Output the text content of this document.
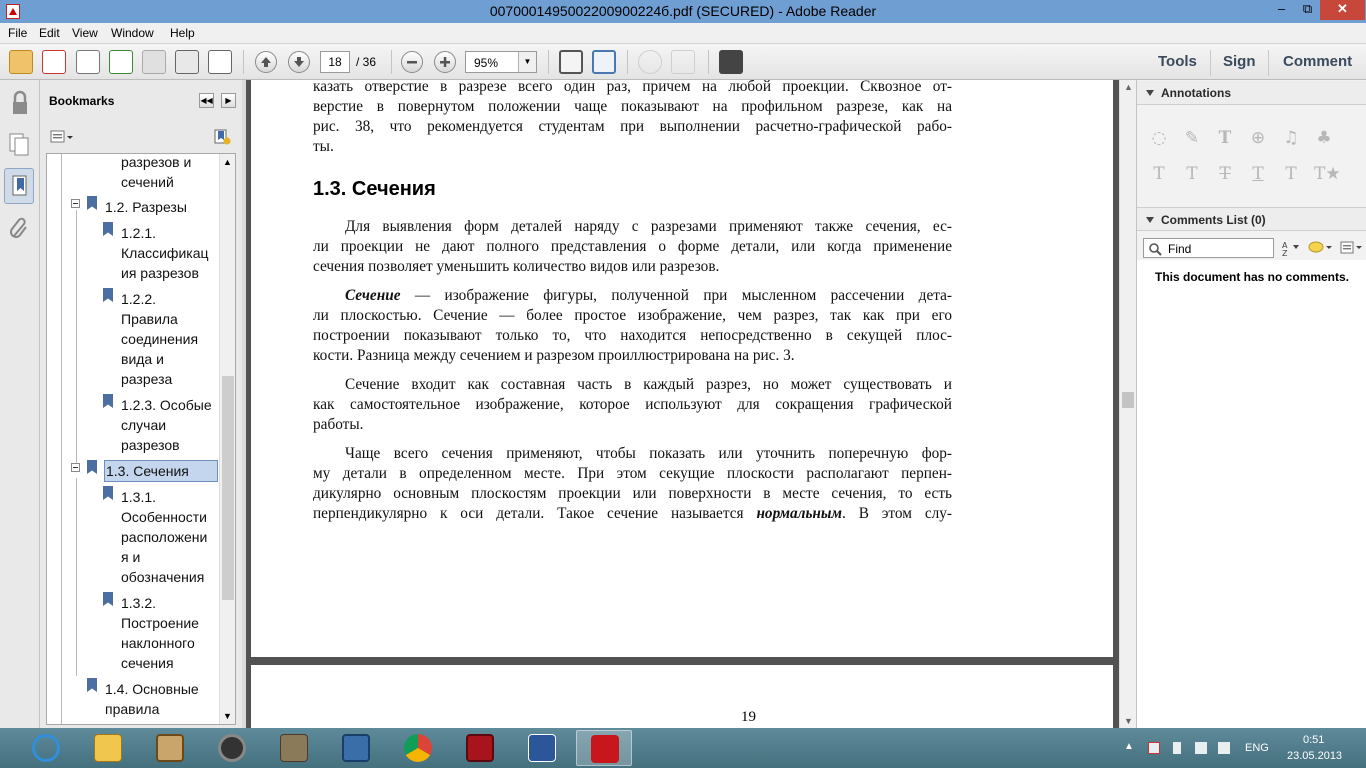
0070001495002200900224б.pdf (SECURED) - Adobe Reader	–	⧉	✕
File Edit View Window Help
18	/ 36	95%	▼	Tools Sign Comment
Bookmarks	◀◀	▶
разрезов и
сечений
1.2. Разрезы
1.2.1.
Классификац
ия разрезов
1.2.2.
Правила
соединения
вида и
разреза
1.2.3. Особые
случаи
разрезов
1.3. Сечения
1.3.1.
Особенности
расположени
я и
обозначения
1.3.2.
Построение
наклонного
сечения
1.4. Основные
правила
▲
▼
казать отверстие в разрезе всего один раз, причем на любой проекции. Сквозное от-
верстие в повернутом положении чаще показывают на профильном разрезе, как на
рис. 38, что рекомендуется студентам при выполнении расчетно-графической рабо-
ты.
1.3. Сечения
Для выявления форм деталей наряду с разрезами применяют также сечения, ес-
ли проекции не дают полного представления о форме детали, или когда применение
сечения позволяет уменьшить количество видов или разрезов.
Сечение — изображение фигуры, полученной при мысленном рассечении дета-
ли плоскостью. Сечение — более простое изображение, чем разрез, так как при его
построении показывают только то, что находится непосредственно в секущей плос-
кости. Разница между сечением и разрезом проиллюстрирована на рис. 3.
Сечение входит как составная часть в каждый разрез, но может существовать и
как самостоятельное изображение, которое используют для сокращения графической
работы.
Чаще всего сечения применяют, чтобы показать или уточнить поперечную фор-
му детали в определенном месте. При этом секущие плоскости располагают перпен-
дикулярно основным плоскостям проекции или поверхности в месте сечения, то есть
перпендикулярно к оси детали. Такое сечение называется нормальным. В этом слу-
19
▲
▼
Annotations
◌ ✎ T ⊕ ♫ ♣
T T T T T T★
Comments List (0)
Find	A
Z
This document has no comments.
▲	ENG
0:51
23.05.2013
